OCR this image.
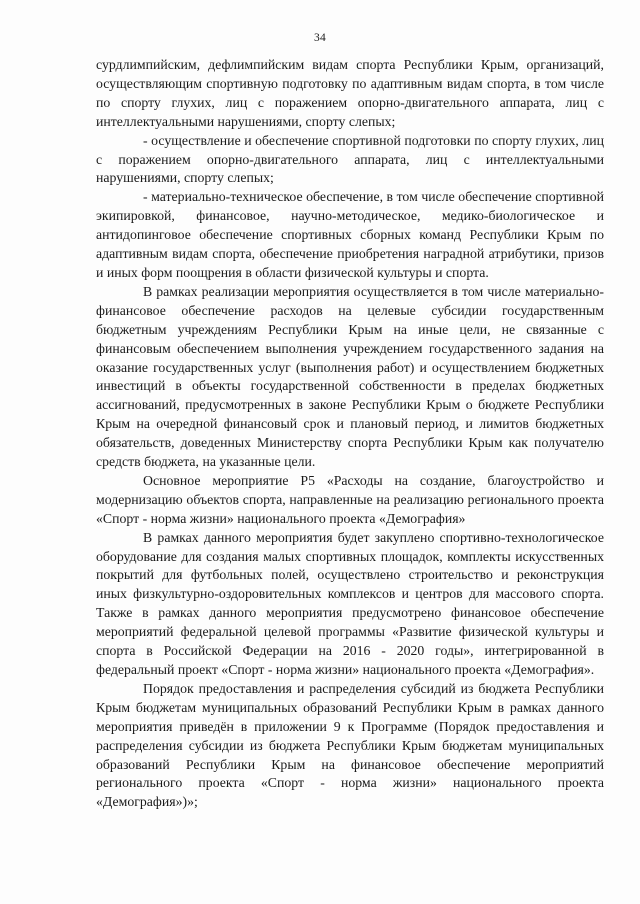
34

сурдлимпийским, дефлимпийским видам спорта Республики Крым, организаций, осуществляющим спортивную подготовку по адаптивным видам спорта, в том числе по спорту глухих, лиц с поражением опорно-двигательного аппарата, лиц с интеллектуальными нарушениями, спорту слепых;

- осуществление и обеспечение спортивной подготовки по спорту глухих, лиц с поражением опорно-двигательного аппарата, лиц с интеллектуальными нарушениями, спорту слепых;

- материально-техническое обеспечение, в том числе обеспечение спортивной экипировкой, финансовое, научно-методическое, медико-биологическое и антидопинговое обеспечение спортивных сборных команд Республики Крым по адаптивным видам спорта, обеспечение приобретения наградной атрибутики, призов и иных форм поощрения в области физической культуры и спорта.

В рамках реализации мероприятия осуществляется в том числе материально-финансовое обеспечение расходов на целевые субсидии государственным бюджетным учреждениям Республики Крым на иные цели, не связанные с финансовым обеспечением выполнения учреждением государственного задания на оказание государственных услуг (выполнения работ) и осуществлением бюджетных инвестиций в объекты государственной собственности в пределах бюджетных ассигнований, предусмотренных в законе Республики Крым о бюджете Республики Крым на очередной финансовый срок и плановый период, и лимитов бюджетных обязательств, доведенных Министерству спорта Республики Крым как получателю средств бюджета, на указанные цели.

Основное мероприятие Р5 «Расходы на создание, благоустройство и модернизацию объектов спорта, направленные на реализацию регионального проекта «Спорт - норма жизни» национального проекта «Демография»

В рамках данного мероприятия будет закуплено спортивно-технологическое оборудование для создания малых спортивных площадок, комплекты искусственных покрытий для футбольных полей, осуществлено строительство и реконструкция иных физкультурно-оздоровительных комплексов и центров для массового спорта. Также в рамках данного мероприятия предусмотрено финансовое обеспечение мероприятий федеральной целевой программы «Развитие физической культуры и спорта в Российской Федерации на 2016 - 2020 годы», интегрированной в федеральный проект «Спорт - норма жизни» национального проекта «Демография».

Порядок предоставления и распределения субсидий из бюджета Республики Крым бюджетам муниципальных образований Республики Крым в рамках данного мероприятия приведён в приложении 9 к Программе (Порядок предоставления и распределения субсидии из бюджета Республики Крым бюджетам муниципальных образований Республики Крым на финансовое обеспечение мероприятий регионального проекта «Спорт - норма жизни» национального проекта «Демография»)»;
